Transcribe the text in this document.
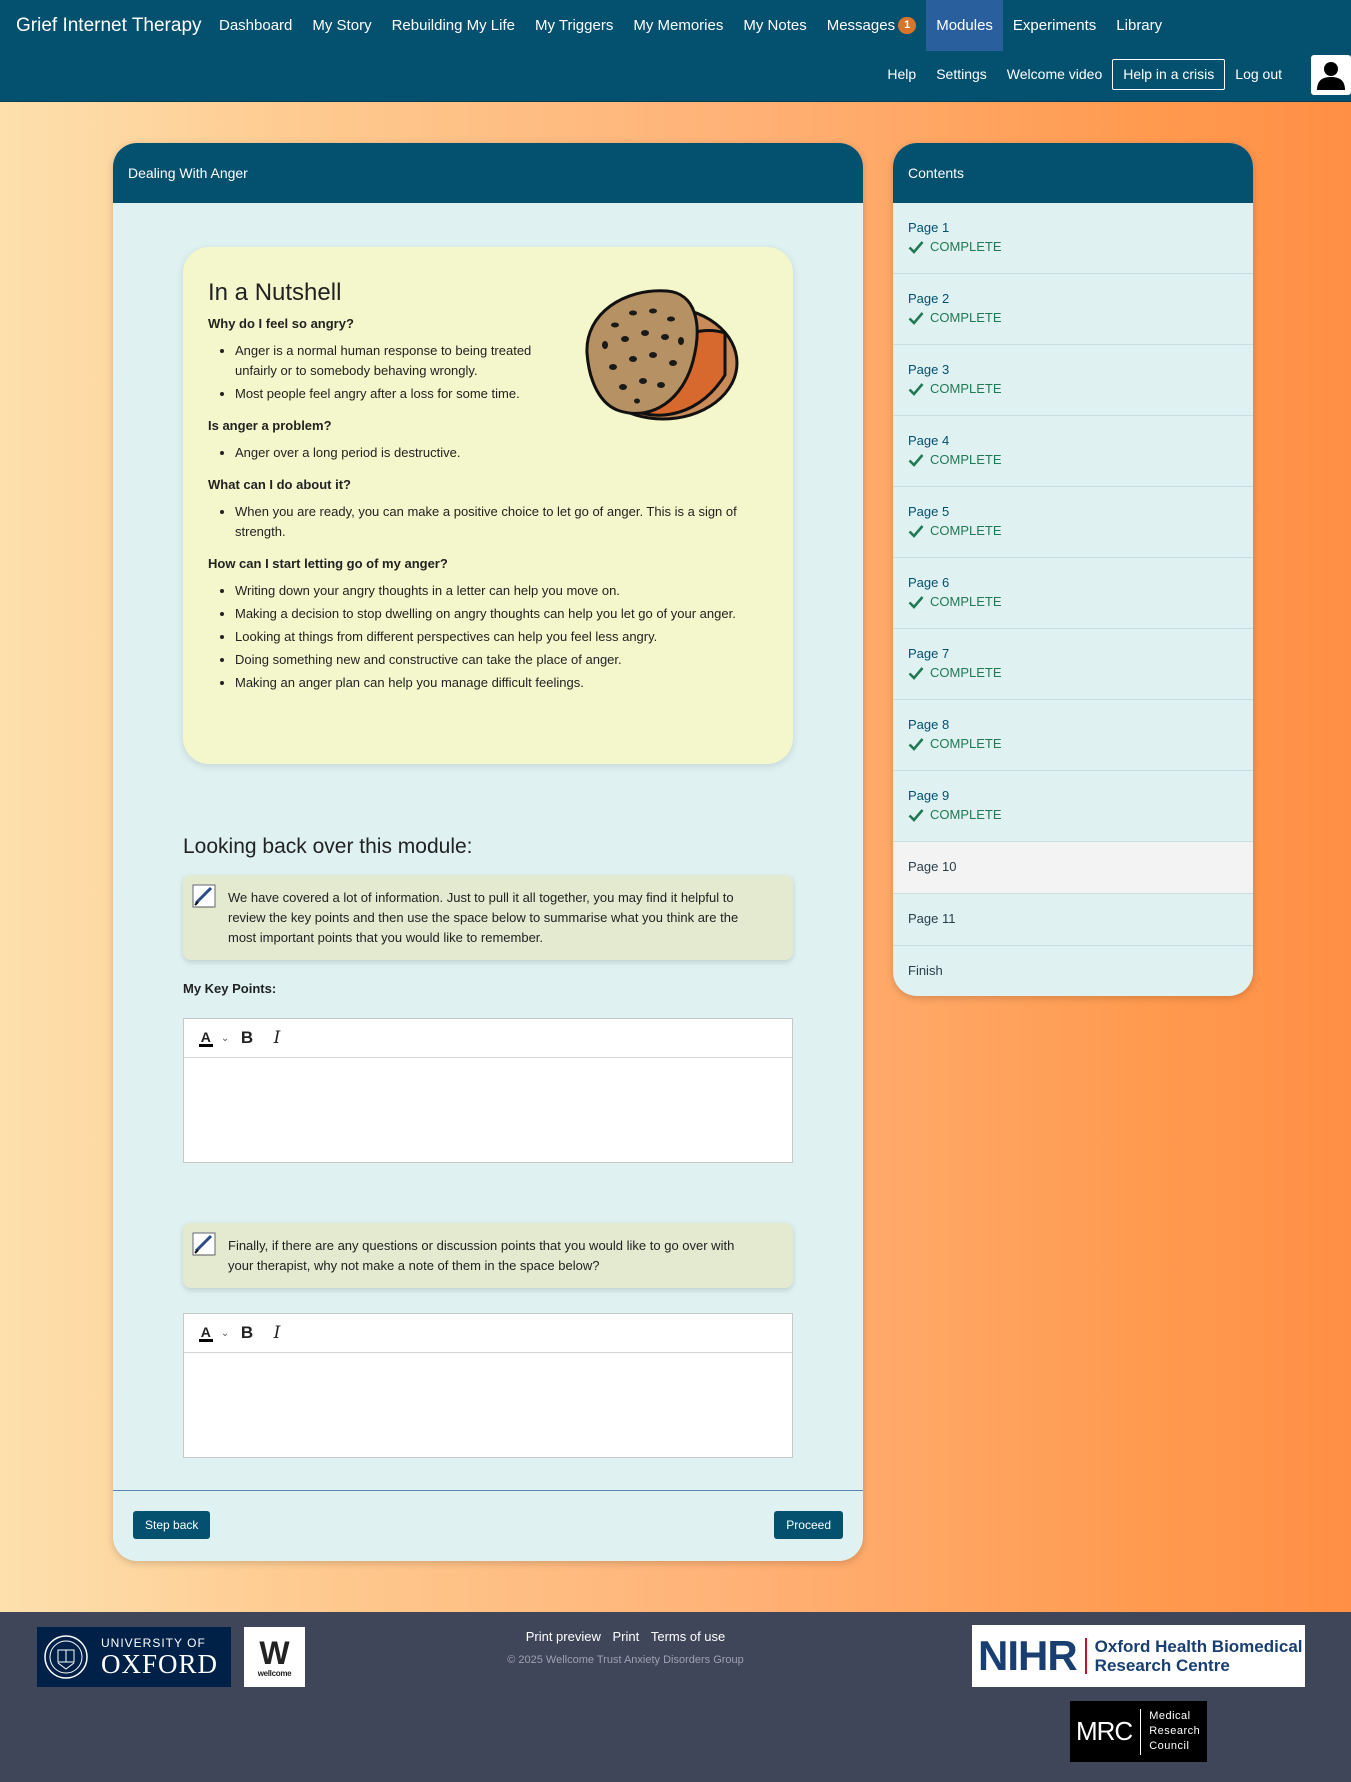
Grief Internet Therapy	Dashboard	My Story	Rebuilding My Life	My Triggers	My Memories	My Notes	Messages 1	Modules	Experiments	Library
Help	Settings	Welcome video	Help in a crisis	Log out
Dealing With Anger
In a Nutshell
Why do I feel so angry?
• Anger is a normal human response to being treated unfairly or to somebody behaving wrongly.
• Most people feel angry after a loss for some time.
Is anger a problem?
• Anger over a long period is destructive.
What can I do about it?
• When you are ready, you can make a positive choice to let go of anger. This is a sign of strength.
How can I start letting go of my anger?
• Writing down your angry thoughts in a letter can help you move on.
• Making a decision to stop dwelling on angry thoughts can help you let go of your anger.
• Looking at things from different perspectives can help you feel less angry.
• Doing something new and constructive can take the place of anger.
• Making an anger plan can help you manage difficult feelings.
Looking back over this module:
We have covered a lot of information. Just to pull it all together, you may find it helpful to review the key points and then use the space below to summarise what you think are the most important points that you would like to remember.
My Key Points:
A ⌄ B	I
Finally, if there are any questions or discussion points that you would like to go over with your therapist, why not make a note of them in the space below?
A ⌄ B	I
Step back	Proceed
Contents
Page 1
COMPLETE
Page 2
COMPLETE
Page 3
COMPLETE
Page 4
COMPLETE
Page 5
COMPLETE
Page 6
COMPLETE
Page 7
COMPLETE
Page 8
COMPLETE
Page 9
COMPLETE
Page 10
Page 11
Finish
UNIVERSITY OF
OXFORD W
wellcome
Print preview Print Terms of use
© 2025 Wellcome Trust Anxiety Disorders Group	NIHR Oxford Health Biomedical
Research Centre
MRC Medical
Research
Council
